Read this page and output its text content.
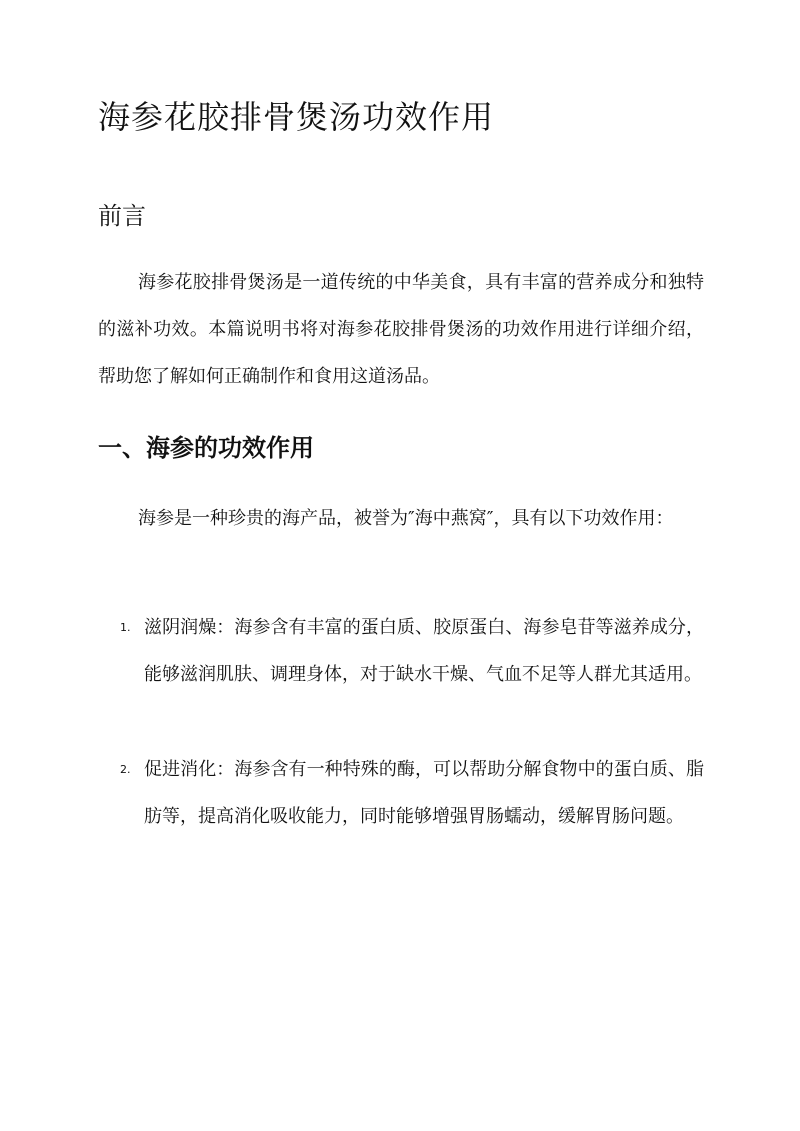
海参花胶排骨煲汤功效作用
前言

海参花胶排骨煲汤是一道传统的中华美食，具有丰富的营养成分和独特的滋补功效。本篇说明书将对海参花胶排骨煲汤的功效作用进行详细介绍，帮助您了解如何正确制作和食用这道汤品。

一、海参的功效作用

海参是一种珍贵的海产品，被誉为″海中燕窝″，具有以下功效作用：

1. 滋阴润燥：海参含有丰富的蛋白质、胶原蛋白、海参皂苷等滋养成分，能够滋润肌肤、调理身体，对于缺水干燥、气血不足等人群尤其适用。
2. 促进消化：海参含有一种特殊的酶，可以帮助分解食物中的蛋白质、脂肪等，提高消化吸收能力，同时能够增强胃肠蠕动，缓解胃肠问题。
